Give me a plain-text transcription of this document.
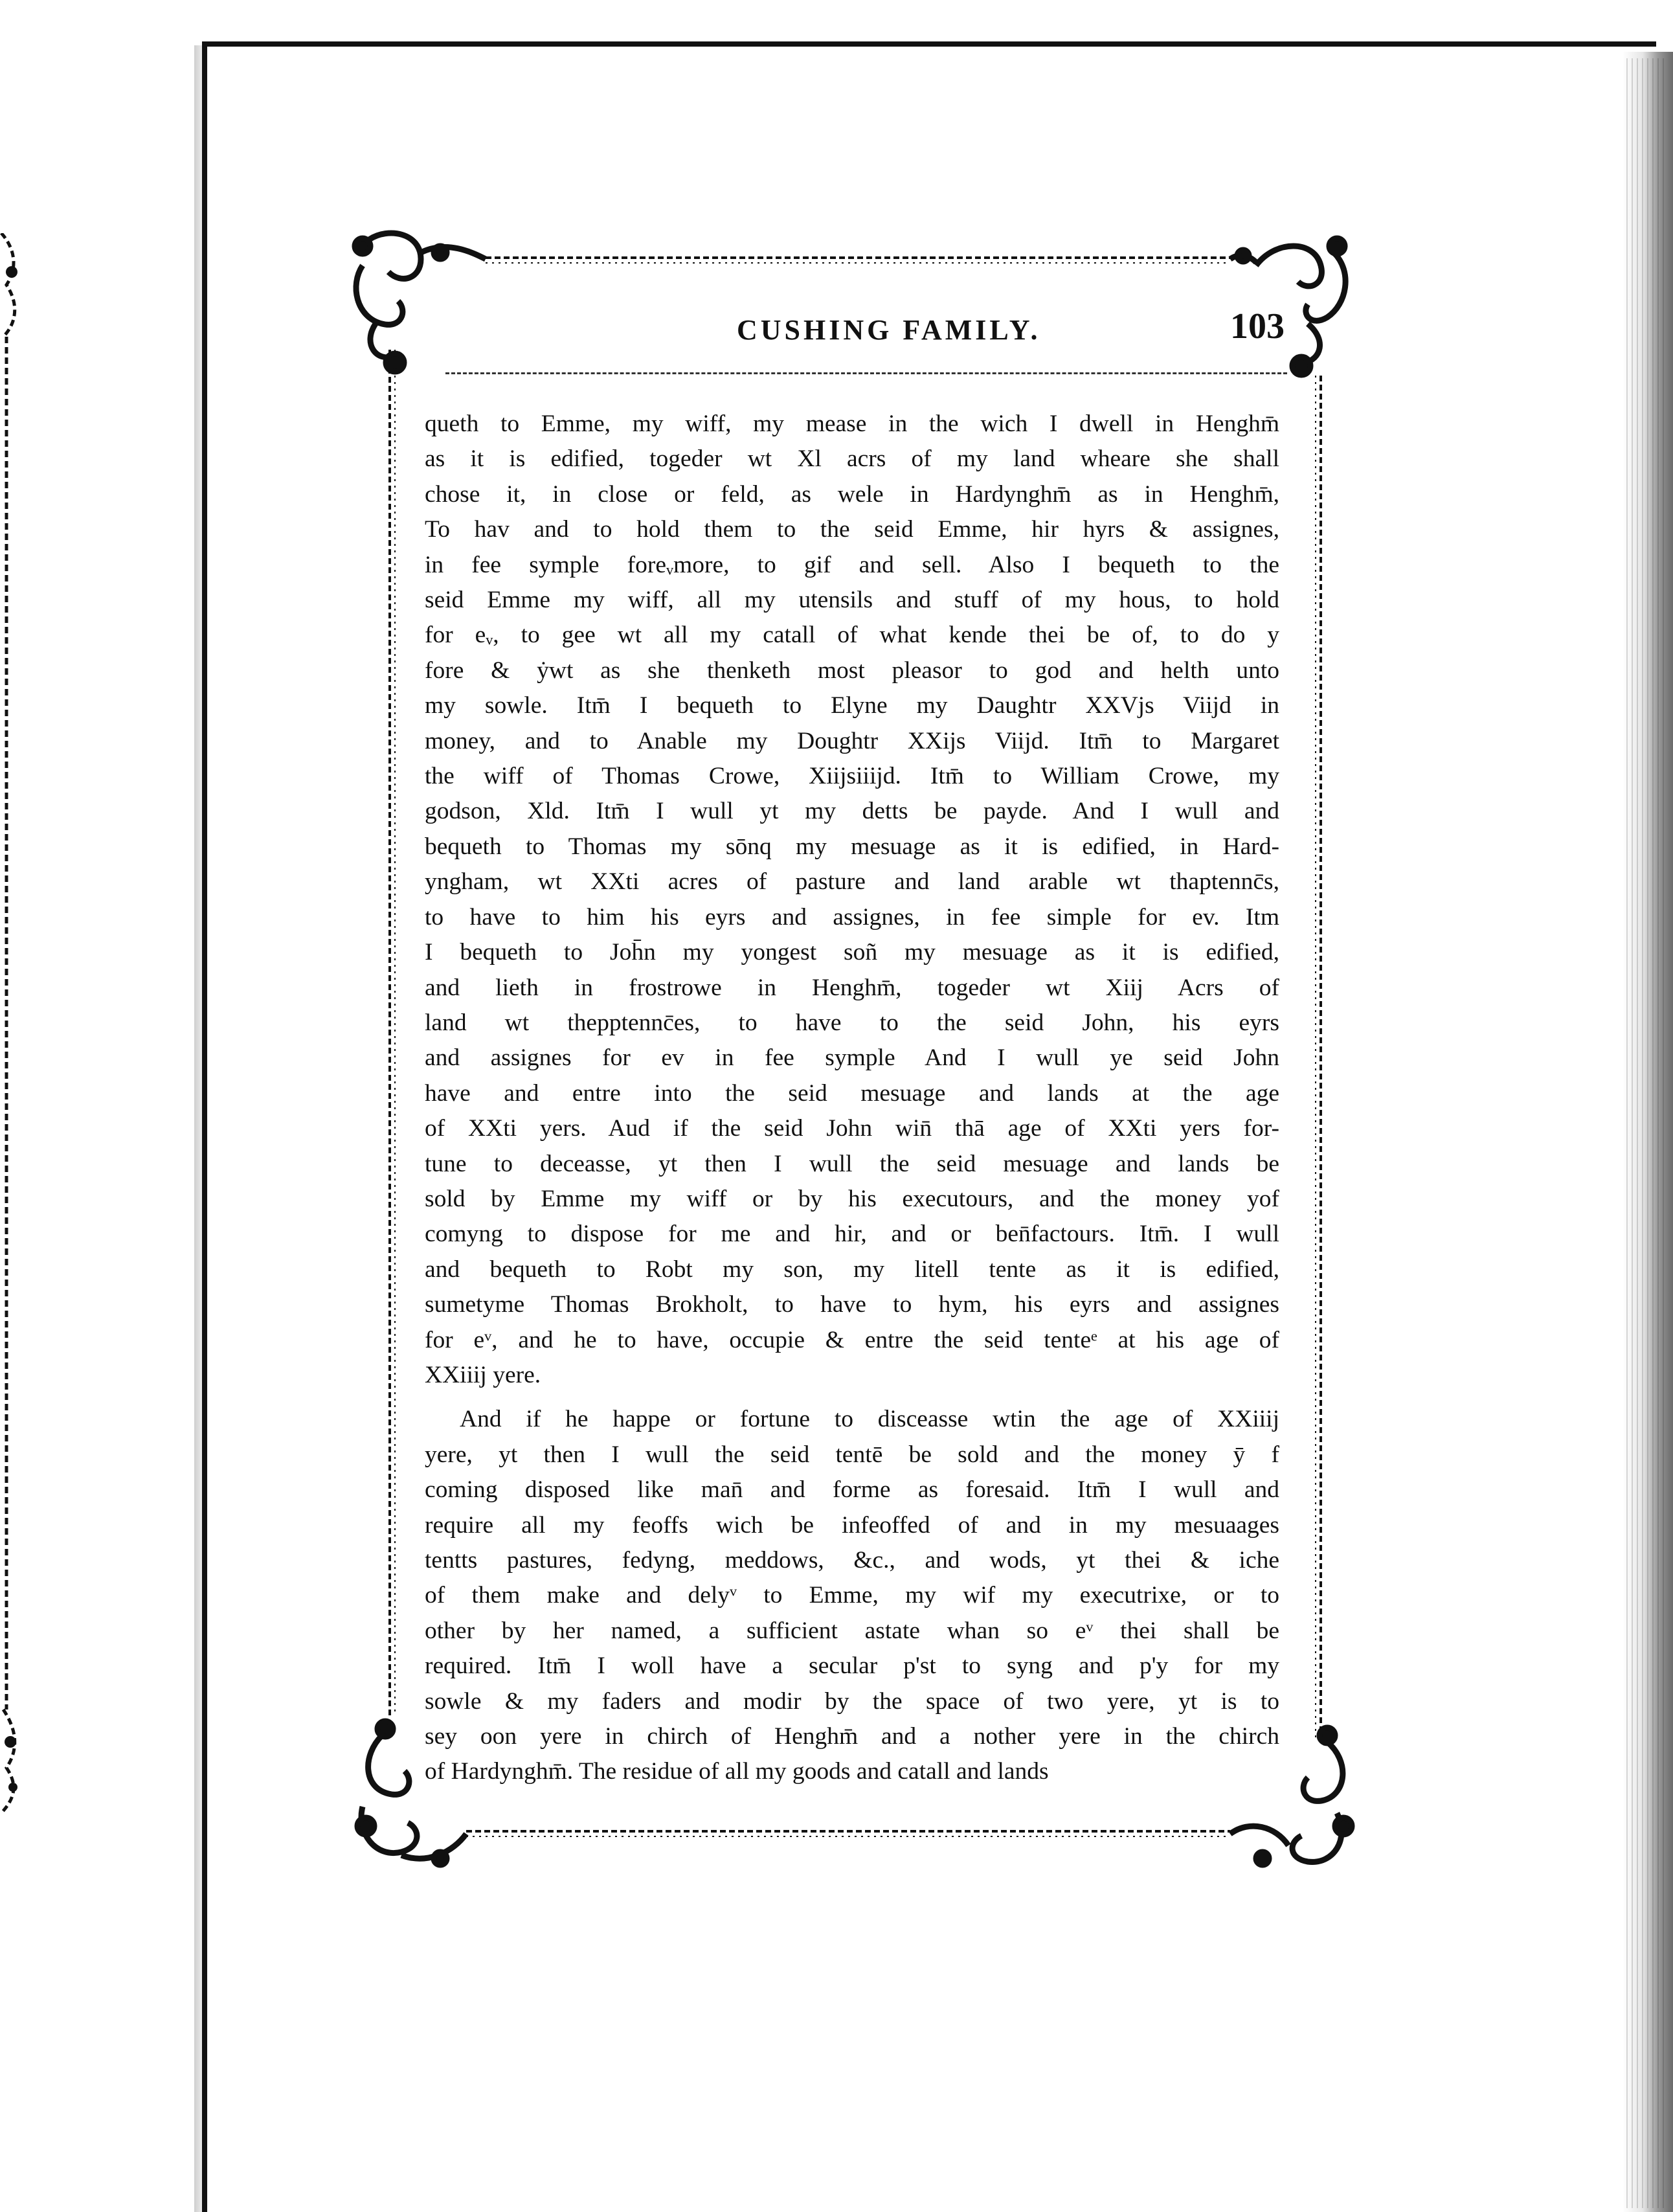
CUSHING FAMILY.	103

queth to Emme, my wiff, my mease in the wich I dwell in Henghm̄
as it is edified, togeder wt Xl acrs of my land wheare she shall
chose it, in close or feld, as wele in Hardynghm̄ as in Henghm̄,
To hav and to hold them to the seid Emme, hir hyrs & assignes,
in fee symple foreᵥmore, to gif and sell. Also I bequeth to the
seid Emme my wiff, all my utensils and stuff of my hous, to hold
for eᵥ, to gee wt all my catall of what kende thei be of, to do y
fore & ẏwt as she thenketh most pleasor to god and helth unto
my sowle. Itm̄ I bequeth to Elyne my Daughtr XXVjs Viijd in
money, and to Anable my Doughtr XXijs Viijd. Itm̄ to Margaret
the wiff of Thomas Crowe, Xiijsiiijd. Itm̄ to William Crowe, my
godson, Xld. Itm̄ I wull yt my detts be payde. And I wull and
bequeth to Thomas my sōnq my mesuage as it is edified, in Hard-
yngham, wt XXti acres of pasture and land arable wt thaptennc̄s,
to have to him his eyrs and assignes, in fee simple for ev. Itm
I bequeth to Joh̄n my yongest soñ my mesuage as it is edified,
and lieth in frostrowe in Henghm̄, togeder wt Xiij Acrs of
land wt thepptennc̄es, to have to the seid John, his eyrs
and assignes for ev in fee symple And I wull ye seid John
have and entre into the seid mesuage and lands at the age
of XXti yers. Aud if the seid John win̄ thā age of XXti yers for-
tune to deceasse, yt then I wull the seid mesuage and lands be
sold by Emme my wiff or by his executours, and the money yof
comyng to dispose for me and hir, and or ben̄factours. Itm̄. I wull
and bequeth to Robt my son, my litell tente as it is edified,
sumetyme Thomas Brokholt, to have to hym, his eyrs and assignes
for eᵛ, and he to have, occupie & entre the seid tenteᵉ at his age of
XXiiij yere.

And if he happe or fortune to disceasse wtin the age of XXiiij
yere, yt then I wull the seid tentē be sold and the money ȳ f
coming disposed like man̄ and forme as foresaid. Itm̄ I wull and
require all my feoffs wich be infeoffed of and in my mesuaages
tentts pastures, fedyng, meddows, &c., and wods, yt thei & iche
of them make and delyᵛ to Emme, my wif my executrixe, or to
other by her named, a sufficient astate whan so eᵛ thei shall be
required. Itm̄ I woll have a secular p'st to syng and p'y for my
sowle & my faders and modir by the space of two yere, yt is to
sey oon yere in chirch of Henghm̄ and a nother yere in the chirch
of Hardynghm̄. The residue of all my goods and catall and lands
